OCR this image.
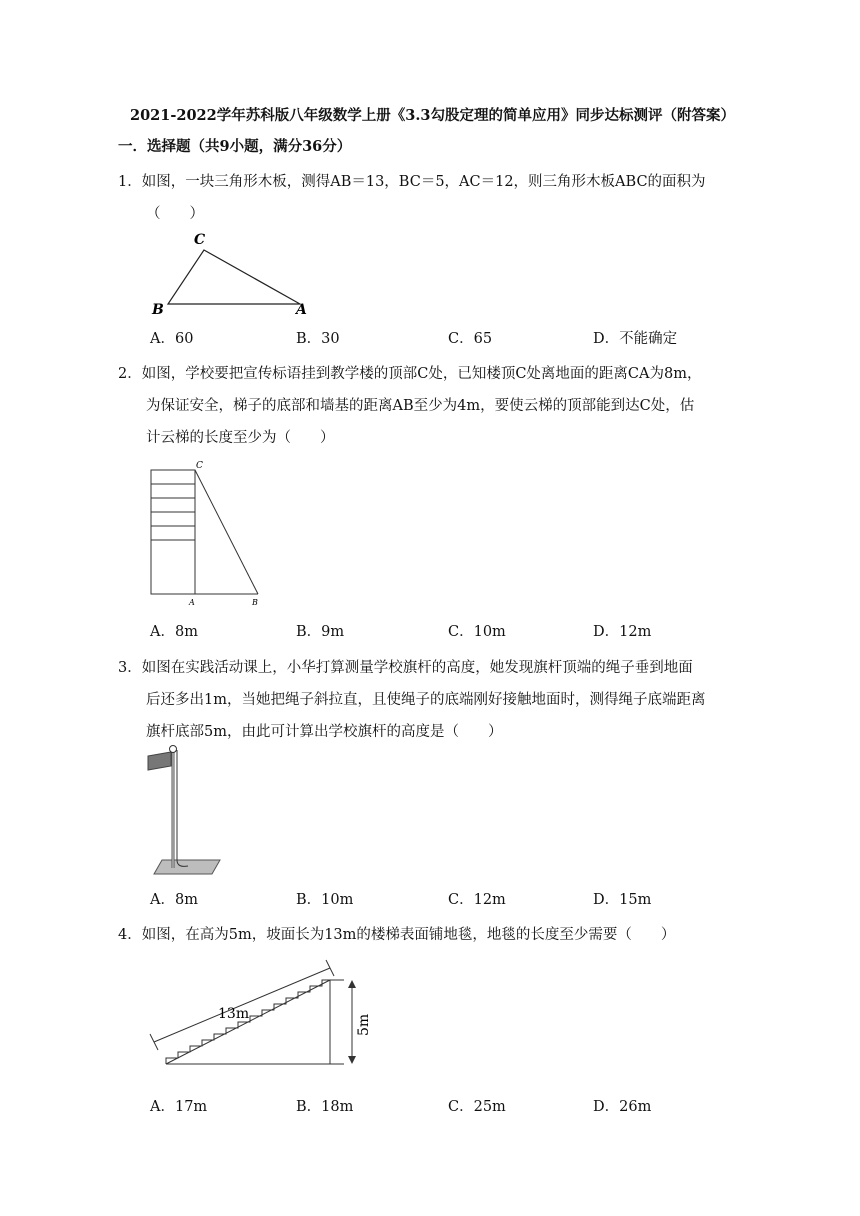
2021-2022学年苏科版八年级数学上册《3.3勾股定理的简单应用》同步达标测评（附答案）
一．选择题（共9小题，满分36分）
1．如图，一块三角形木板，测得AB＝13，BC＝5，AC＝12，则三角形木板ABC的面积为
（　　）
C
B	A
A．60	B．30	C．65	D．不能确定
2．如图，学校要把宣传标语挂到教学楼的顶部C处，已知楼顶C处离地面的距离CA为8m，
为保证安全，梯子的底部和墙基的距离AB至少为4m，要使云梯的顶部能到达C处，估
计云梯的长度至少为（　　）
C
A	B
A．8m	B．9m	C．10m	D．12m
3．如图在实践活动课上，小华打算测量学校旗杆的高度，她发现旗杆顶端的绳子垂到地面
后还多出1m，当她把绳子斜拉直，且使绳子的底端刚好接触地面时，测得绳子底端距离
旗杆底部5m，由此可计算出学校旗杆的高度是（　　）
A．8m	B．10m	C．12m	D．15m
4．如图，在高为5m，坡面长为13m的楼梯表面铺地毯，地毯的长度至少需要（　　）
13m	5m
A．17m	B．18m	C．25m	D．26m
